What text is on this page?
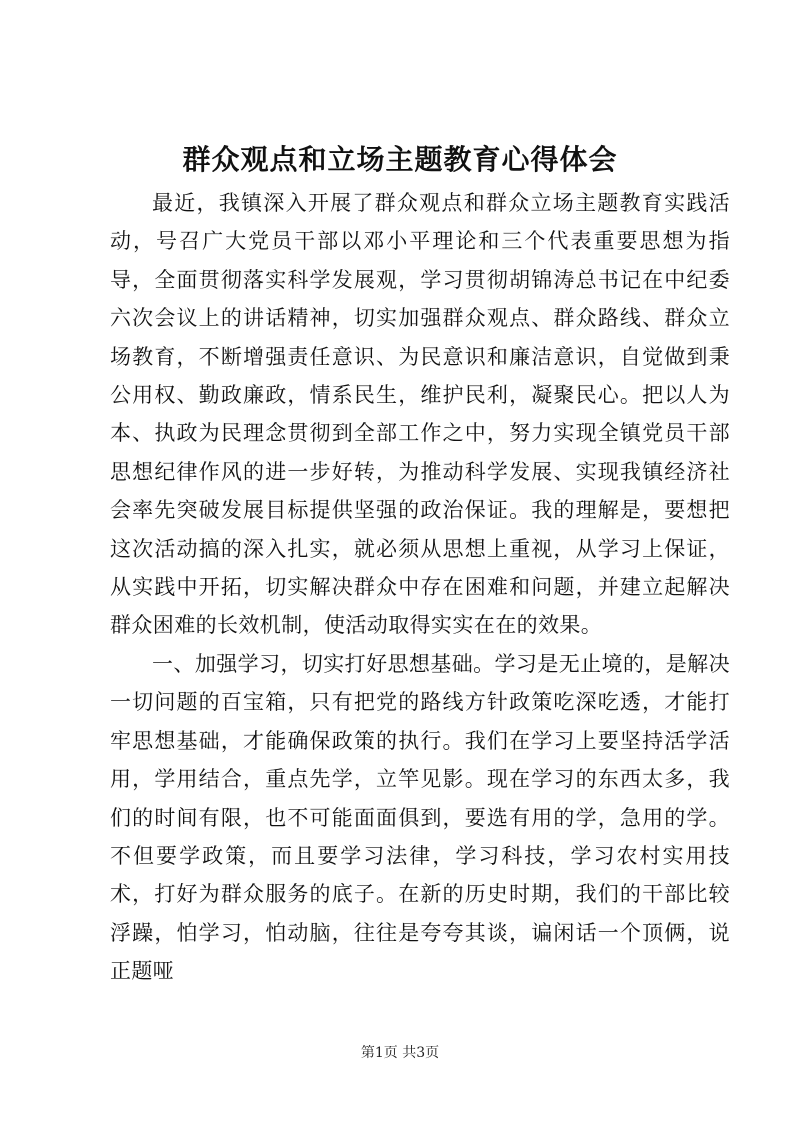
群众观点和立场主题教育心得体会

最近，我镇深入开展了群众观点和群众立场主题教育实践活动，号召广大党员干部以邓小平理论和三个代表重要思想为指导，全面贯彻落实科学发展观，学习贯彻胡锦涛总书记在中纪委六次会议上的讲话精神，切实加强群众观点、群众路线、群众立场教育，不断增强责任意识、为民意识和廉洁意识，自觉做到秉公用权、勤政廉政，情系民生，维护民利，凝聚民心。把以人为本、执政为民理念贯彻到全部工作之中，努力实现全镇党员干部思想纪律作风的进一步好转，为推动科学发展、实现我镇经济社会率先突破发展目标提供坚强的政治保证。我的理解是，要想把这次活动搞的深入扎实，就必须从思想上重视，从学习上保证，从实践中开拓，切实解决群众中存在困难和问题，并建立起解决群众困难的长效机制，使活动取得实实在在的效果。

一、加强学习，切实打好思想基础。学习是无止境的，是解决一切问题的百宝箱，只有把党的路线方针政策吃深吃透，才能打牢思想基础，才能确保政策的执行。我们在学习上要坚持活学活用，学用结合，重点先学，立竿见影。现在学习的东西太多，我们的时间有限，也不可能面面俱到，要选有用的学，急用的学。不但要学政策，而且要学习法律，学习科技，学习农村实用技术，打好为群众服务的底子。在新的历史时期，我们的干部比较浮躁，怕学习，怕动脑，往往是夸夸其谈，谝闲话一个顶俩，说正题哑

第1页 共3页
